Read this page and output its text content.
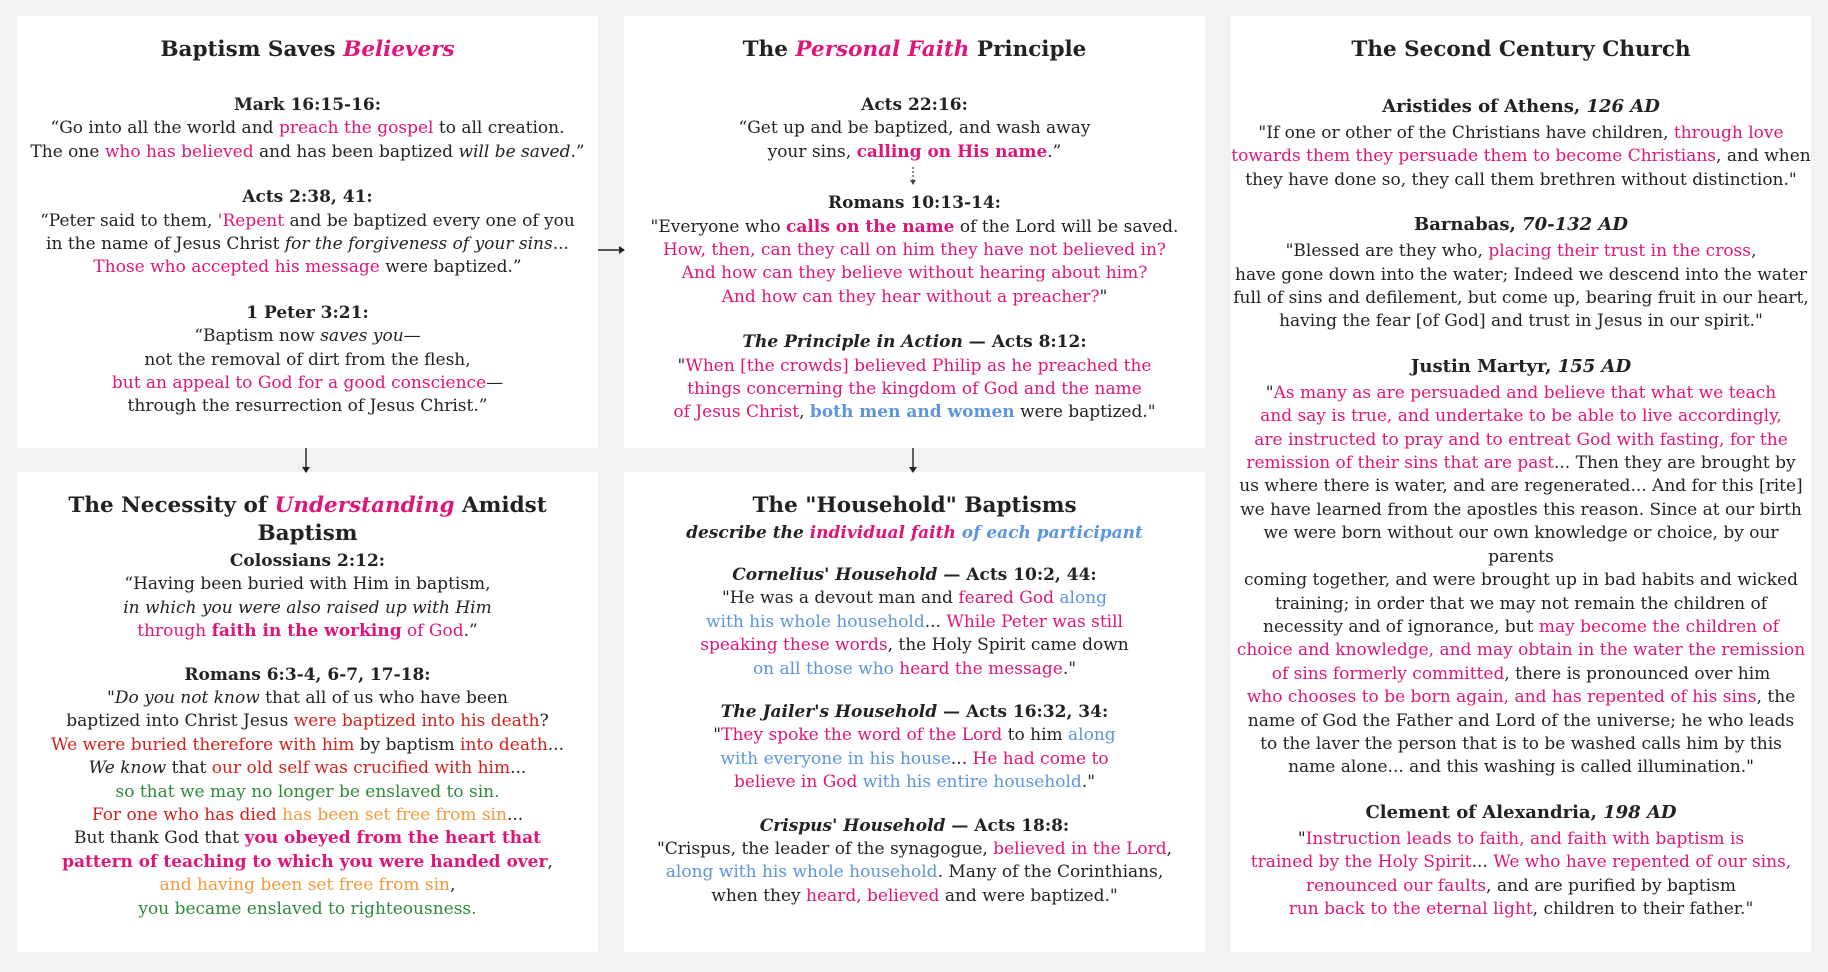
Baptism Saves Believers
Mark 16:15-16:
“Go into all the world and preach the gospel to all creation.
The one who has believed and has been baptized will be saved.”
Acts 2:38, 41:
“Peter said to them, 'Repent and be baptized every one of you
in the name of Jesus Christ for the forgiveness of your sins...
Those who accepted his message were baptized.”
1 Peter 3:21:
“Baptism now saves you—
not the removal of dirt from the flesh,
but an appeal to God for a good conscience—
through the resurrection of Jesus Christ.”
The Personal Faith Principle
Acts 22:16:
“Get up and be baptized, and wash away
your sins, calling on His name.”
Romans 10:13-14:
"Everyone who calls on the name of the Lord will be saved.
How, then, can they call on him they have not believed in?
And how can they believe without hearing about him?
And how can they hear without a preacher?"
The Principle in Action — Acts 8:12:
"When [the crowds] believed Philip as he preached the
things concerning the kingdom of God and the name
of Jesus Christ, both men and women were baptized."
The Second Century Church
Aristides of Athens, 126 AD
"If one or other of the Christians have children, through love
towards them they persuade them to become Christians, and when
they have done so, they call them brethren without distinction."
Barnabas, 70-132 AD
"Blessed are they who, placing their trust in the cross,
have gone down into the water; Indeed we descend into the water
full of sins and defilement, but come up, bearing fruit in our heart,
having the fear [of God] and trust in Jesus in our spirit."
Justin Martyr, 155 AD
"As many as are persuaded and believe that what we teach
and say is true, and undertake to be able to live accordingly,
are instructed to pray and to entreat God with fasting, for the
remission of their sins that are past... Then they are brought by
us where there is water, and are regenerated... And for this [rite]
we have learned from the apostles this reason. Since at our birth
we were born without our own knowledge or choice, by our parents
coming together, and were brought up in bad habits and wicked
training; in order that we may not remain the children of
necessity and of ignorance, but may become the children of
choice and knowledge, and may obtain in the water the remission
of sins formerly committed, there is pronounced over him
who chooses to be born again, and has repented of his sins, the
name of God the Father and Lord of the universe; he who leads
to the laver the person that is to be washed calls him by this
name alone... and this washing is called illumination."
Clement of Alexandria, 198 AD
"Instruction leads to faith, and faith with baptism is
trained by the Holy Spirit... We who have repented of our sins,
renounced our faults, and are purified by baptism
run back to the eternal light, children to their father."
The Necessity of Understanding Amidst Baptism
Colossians 2:12:
“Having been buried with Him in baptism,
in which you were also raised up with Him
through faith in the working of God.”
Romans 6:3-4, 6-7, 17-18:
"Do you not know that all of us who have been
baptized into Christ Jesus were baptized into his death?
We were buried therefore with him by baptism into death...
We know that our old self was crucified with him...
so that we may no longer be enslaved to sin.
For one who has died has been set free from sin...
But thank God that you obeyed from the heart that
pattern of teaching to which you were handed over,
and having been set free from sin,
you became enslaved to righteousness.
The "Household" Baptisms
describe the individual faith of each participant
Cornelius' Household — Acts 10:2, 44:
"He was a devout man and feared God along
with his whole household... While Peter was still
speaking these words, the Holy Spirit came down
on all those who heard the message."
The Jailer's Household — Acts 16:32, 34:
"They spoke the word of the Lord to him along
with everyone in his house... He had come to
believe in God with his entire household."
Crispus' Household — Acts 18:8:
"Crispus, the leader of the synagogue, believed in the Lord,
along with his whole household. Many of the Corinthians,
when they heard, believed and were baptized."
